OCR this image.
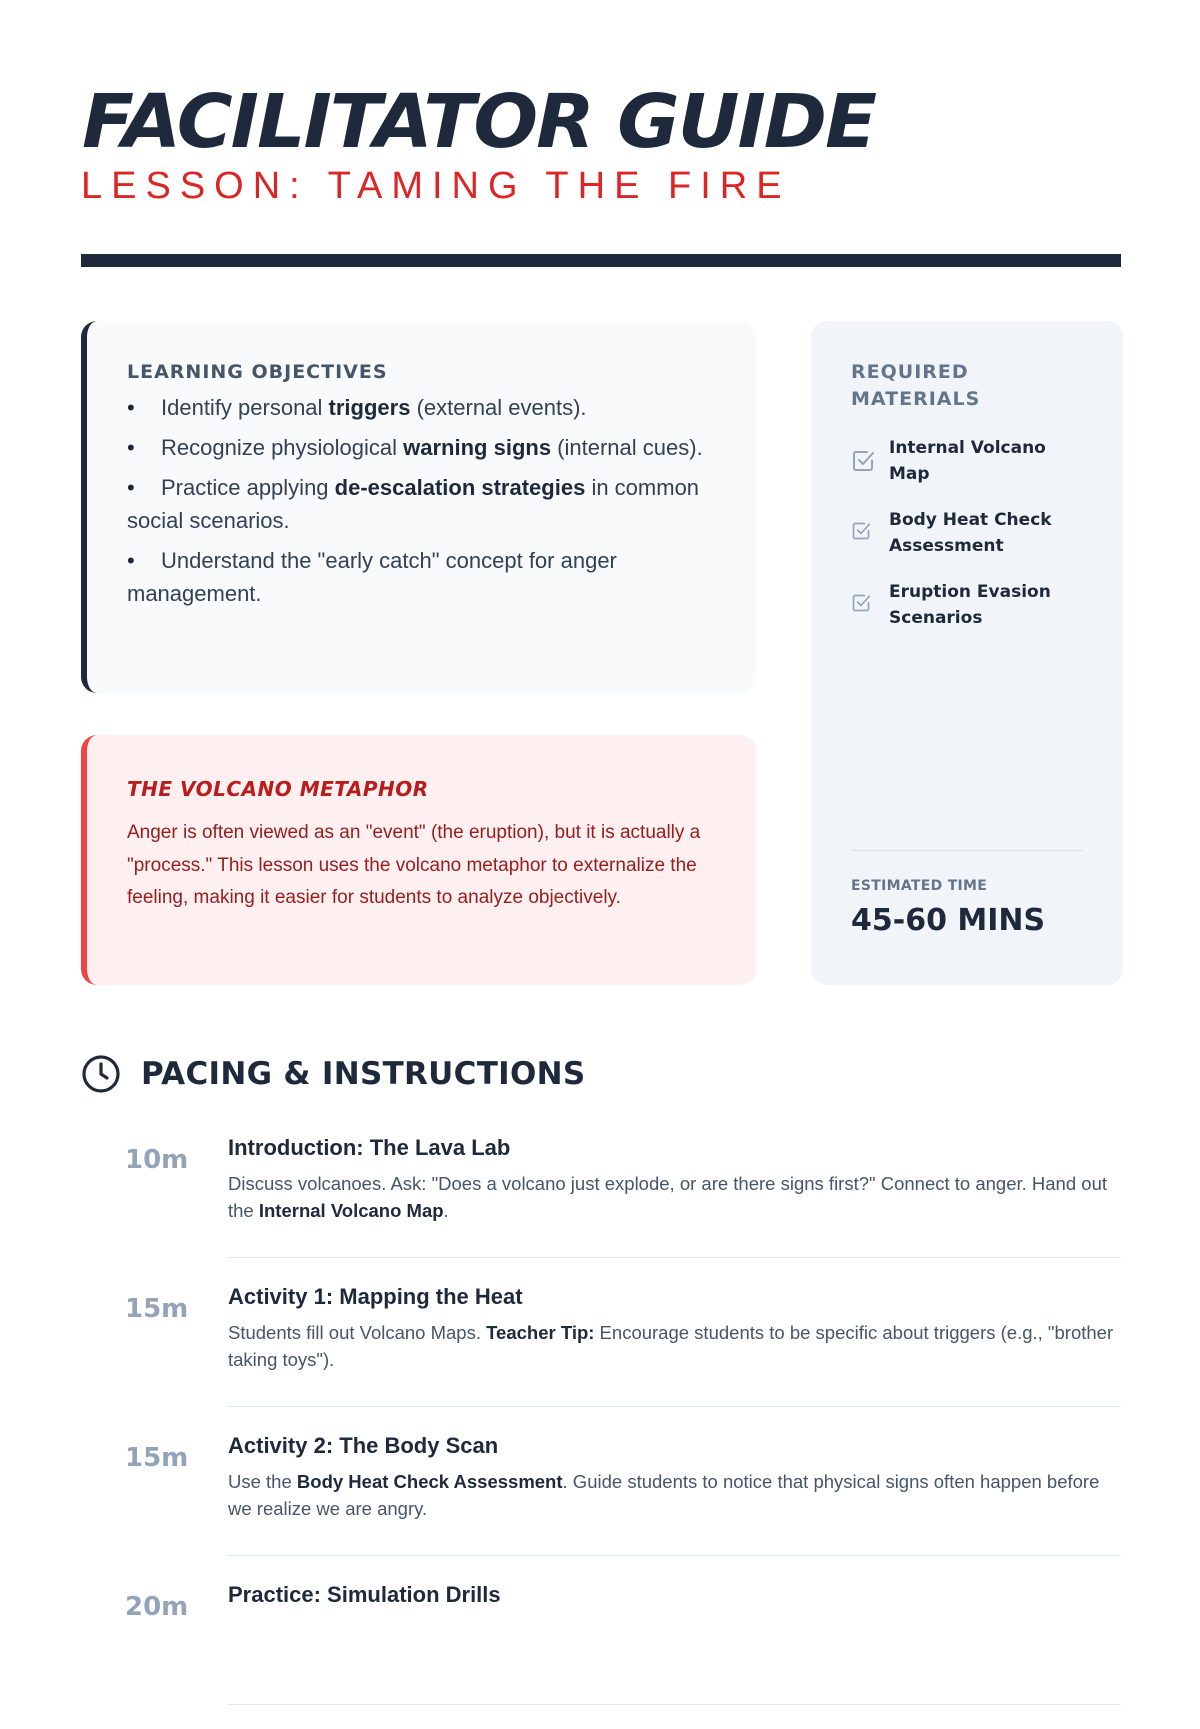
FACILITATOR GUIDE
LESSON: TAMING THE FIRE
LEARNING OBJECTIVES
• Identify personal triggers (external events).
• Recognize physiological warning signs (internal cues).
• Practice applying de-escalation strategies in common social scenarios.
• Understand the "early catch" concept for anger management.
THE VOLCANO METAPHOR

Anger is often viewed as an "event" (the eruption), but it is actually a "process." This lesson uses the volcano metaphor to externalize the feeling, making it easier for students to analyze objectively.

REQUIRED MATERIALS
Internal Volcano Map
Body Heat Check Assessment
Eruption Evasion Scenarios
ESTIMATED TIME
45-60 MINS
PACING & INSTRUCTIONS
10m Introduction: The Lava Lab

Discuss volcanoes. Ask: "Does a volcano just explode, or are there signs first?" Connect to anger. Hand out the Internal Volcano Map.

15m Activity 1: Mapping the Heat

Students fill out Volcano Maps. Teacher Tip: Encourage students to be specific about triggers (e.g., "brother taking toys").

15m Activity 2: The Body Scan

Use the Body Heat Check Assessment. Guide students to notice that physical signs often happen before we realize we are angry.

20m Practice: Simulation Drills
